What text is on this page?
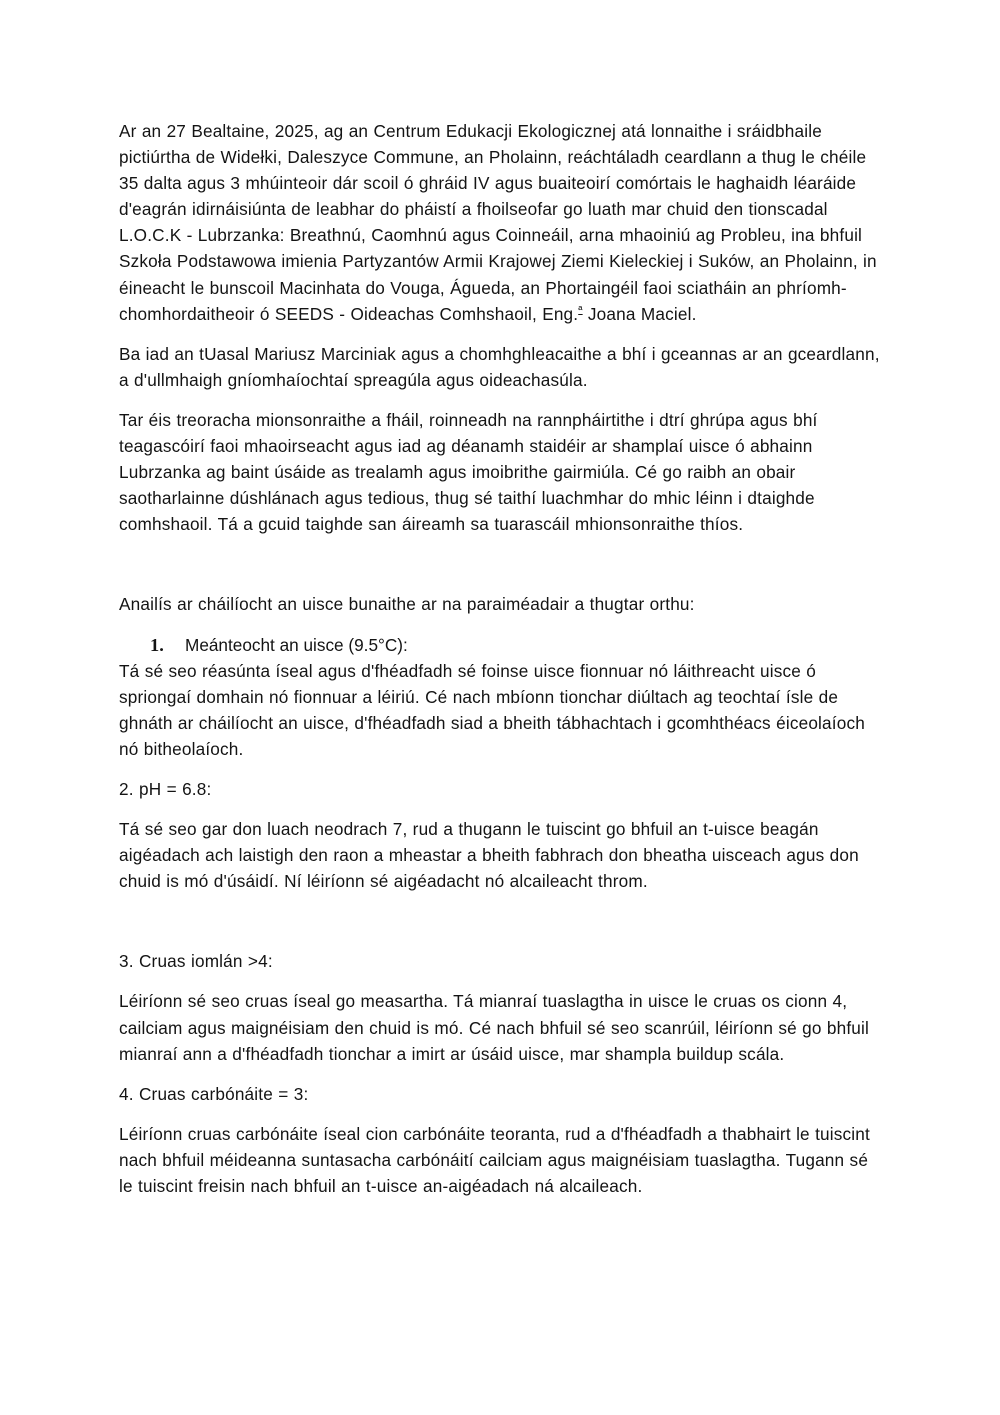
Ar an 27 Bealtaine, 2025, ag an Centrum Edukacji Ekologicznej atá lonnaithe i sráidbhaile pictiúrtha de Widełki, Daleszyce Commune, an Pholainn, reáchtáladh ceardlann a thug le chéile 35 dalta agus 3 mhúinteoir dár scoil ó ghráid IV agus buaiteoirí comórtais le haghaidh léaráide d'eagrán idirnáisiúnta de leabhar do pháistí a fhoilseofar go luath mar chuid den tionscadal L.O.C.K - Lubrzanka: Breathnú, Caomhnú agus Coinneáil, arna mhaoiniú ag Probleu, ina bhfuil Szkoła Podstawowa imienia Partyzantów Armii Krajowej Ziemi Kieleckiej i Suków, an Pholainn, in éineacht le bunscoil Macinhata do Vouga, Águeda, an Phortaingéil faoi sciatháin an phríomh-chomhordaitheoir ó SEEDS - Oideachas Comhshaoil, Eng.$^ª$ Joana Maciel.

Ba iad an tUasal Mariusz Marciniak agus a chomhghleacaithe a bhí i gceannas ar an gceardlann, a d'ullmhaigh gníomhaíochtaí spreagúla agus oideachasúla.

Tar éis treoracha mionsonraithe a fháil, roinneadh na rannpháirtithe i dtrí ghrúpa agus bhí teagascóirí faoi mhaoirseacht agus iad ag déanamh staidéir ar shamplaí uisce ó abhainn Lubrzanka ag baint úsáide as trealamh agus imoibrithe gairmiúla. Cé go raibh an obair saotharlainne dúshlánach agus tedious, thug sé taithí luachmhar do mhic léinn i dtaighde comhshaoil. Tá a gcuid taighde san áireamh sa tuarascáil mhionsonraithe thíos.

Anailís ar cháilíocht an uisce bunaithe ar na paraiméadair a thugtar orthu:

1. Meánteocht an uisce (9.5°C):

Tá sé seo réasúnta íseal agus d'fhéadfadh sé foinse uisce fionnuar nó láithreacht uisce ó spriongaí domhain nó fionnuar a léiriú. Cé nach mbíonn tionchar diúltach ag teochtaí ísle de ghnáth ar cháilíocht an uisce, d'fhéadfadh siad a bheith tábhachtach i gcomhthéacs éiceolaíoch nó bitheolaíoch.

2. pH = 6.8:

Tá sé seo gar don luach neodrach 7, rud a thugann le tuiscint go bhfuil an t-uisce beagán aigéadach ach laistigh den raon a mheastar a bheith fabhrach don bheatha uisceach agus don chuid is mó d'úsáidí. Ní léiríonn sé aigéadacht nó alcaileacht throm.

3. Cruas iomlán >4:

Léiríonn sé seo cruas íseal go measartha. Tá mianraí tuaslagtha in uisce le cruas os cionn 4, cailciam agus maignéisiam den chuid is mó. Cé nach bhfuil sé seo scanrúil, léiríonn sé go bhfuil mianraí ann a d'fhéadfadh tionchar a imirt ar úsáid uisce, mar shampla buildup scála.

4. Cruas carbónáite = 3:

Léiríonn cruas carbónáite íseal cion carbónáite teoranta, rud a d'fhéadfadh a thabhairt le tuiscint nach bhfuil méideanna suntasacha carbónáití cailciam agus maignéisiam tuaslagtha. Tugann sé le tuiscint freisin nach bhfuil an t-uisce an-aigéadach ná alcaileach.
